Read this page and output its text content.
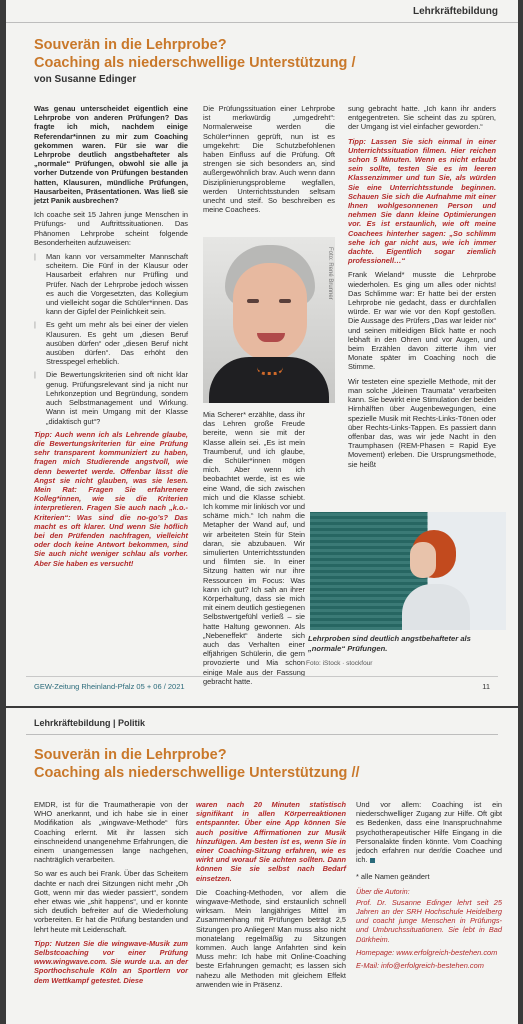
Lehrkräftebildung
Souverän in die Lehrprobe?
Coaching als niederschwellige Unterstützung /
von Susanne Edinger

Was genau unterscheidet eigentlich eine Lehrprobe von anderen Prüfungen? Das fragte ich mich, nachdem einige Referendar*innen zu mir zum Coaching gekommen waren. Für sie war die Lehrprobe deutlich angstbehafteter als „normale“ Prüfungen, obwohl sie alle ja vorher Dutzende von Prüfungen bestanden hatten, Klausuren, mündliche Prüfungen, Hausarbeiten, Präsentationen. Was ließ sie jetzt Panik ausbrechen?

Ich coache seit 15 Jahren junge Menschen in Prüfungs- und Auftrittssituationen. Das Phänomen Lehrprobe scheint folgende Besonderheiten aufzuweisen:

| Man kann vor versammelter Mannschaft scheitern. Die Fünf in der Klausur oder Hausarbeit erfahren nur Prüfling und Prüfer. Nach der Lehrprobe jedoch wissen es auch die Vorgesetzten, das Kollegium und vielleicht sogar die Schüler*innen. Das kann der Gipfel der Peinlichkeit sein.
| Es geht um mehr als bei einer der vielen Klausuren. Es geht um „diesen Beruf ausüben dürfen“ oder „diesen Beruf nicht ausüben dürfen“. Das erhöht den Stresspegel erheblich.
| Die Bewertungskriterien sind oft nicht klar genug. Prüfungsrelevant sind ja nicht nur Lehrkonzeption und Begründung, sondern auch Selbstmanagement und Wirkung. Wann ist mein Umgang mit der Klasse „didaktisch gut“?

Tipp: Auch wenn ich als Lehrende glaube, die Bewertungskriterien für eine Prüfung sehr transparent kommuniziert zu haben, fragen mich Studierende angstvoll, wie denn bewertet werde. Offenbar lässt die Angst sie nicht glauben, was sie lesen. Mein Rat: Fragen Sie erfahrenere Kolleg*innen, wie sie die Kriterien interpretieren. Fragen Sie auch nach „k.o.-Kriterien“: Was sind die no-go’s? Das macht es oft klarer. Und wenn Sie höflich bei den Prüfenden nachfragen, vielleicht oder doch keine Antwort bekommen, sind Sie auch nicht weniger schlau als vorher. Aber Sie haben es versucht!

Die Prüfungssituation einer Lehrprobe ist merkwürdig „umgedreht“: Normalerweise werden die Schüler*innen geprüft, nun ist es umgekehrt: Die Schutzbefohlenen haben Einfluss auf die Prüfung. Oft strengen sie sich besonders an, sind außergewöhnlich brav. Auch wenn dann Disziplinierungsprobleme wegfallen, werden Unterrichtsstunden seltsam unecht und steif. So beschreiben es meine Coachees.

Foto: René Brunner

Mia Scherer* erzählte, dass ihr das Lehren große Freude bereite, wenn sie mit der Klasse allein sei. „Es ist mein Traumberuf, und ich glaube, die Schüler*innen mögen mich. Aber wenn ich beobachtet werde, ist es wie eine Wand, die sich zwischen mich und die Klasse schiebt. Ich komme mir linkisch vor und schäme mich.“ Ich nahm die Metapher der Wand auf, und wir arbeiteten Stein für Stein daran, sie abzubauen. Wir simulierten Unterrichtsstunden und filmten sie. In einer Sitzung hatten wir nur ihre Ressourcen im Focus: Was kann ich gut? Ich sah an ihrer Körperhaltung, dass sie mich mit einem deutlich gestiegenen Selbstwertgefühl verließ – sie hatte Haltung gewonnen. Als „Nebeneffekt“ änderte sich auch das Verhalten einer elfjährigen Schülerin, die gern provozierte und Mia schon einige Male aus der Fassung gebracht hatte.

sung gebracht hatte. „Ich kann ihr anders entgegentreten. Sie scheint das zu spüren, der Umgang ist viel einfacher geworden.“

Tipp: Lassen Sie sich einmal in einer Unterrichtssituation filmen. Hier reichen schon 5 Minuten. Wenn es nicht erlaubt sein sollte, testen Sie es im leeren Klassenzimmer und tun Sie, als würden Sie eine Unterrichtsstunde beginnen. Schauen Sie sich die Aufnahme mit einer Ihnen wohlgesonnenen Person und nehmen Sie dann kleine Optimierungen vor. Es ist erstaunlich, wie oft meine Coachees hinterher sagen: „So schlimm sehe ich gar nicht aus, wie ich immer dachte. Eigentlich sogar ziemlich professionell…“

Frank Wieland* musste die Lehrprobe wiederholen. Es ging um alles oder nichts! Das Schlimme war: Er hatte bei der ersten Lehrprobe nie gedacht, dass er durchfallen würde. Er war wie vor den Kopf gestoßen. Die Aussage des Prüfers „Das war leider nix“ und seinen mitleidigen Blick hatte er noch lebhaft in den Ohren und vor Augen, und beim Erzählen davon zitterte ihm vier Monate später im Coaching noch die Stimme.

Wir testeten eine spezielle Methode, mit der man solche „kleinen Traumata“ verarbeiten kann. Sie bewirkt eine Stimulation der beiden Hirnhälften über Augenbewegungen, eine spezielle Musik mit Rechts-Links-Tönen oder über Rechts-Links-Tappen. Es passiert dann offenbar das, was wir jede Nacht in den Traumphasen (REM-Phasen = Rapid Eye Movement) erleben. Die Ursprungsmethode, sie heißt

Lehrproben sind deutlich angstbehafteter als „normale“ Prüfungen.
Foto: iStock · stockfour
GEW-Zeitung Rheinland-Pfalz 05 + 06 / 2021	11
Lehrkräftebildung | Politik
Souverän in die Lehrprobe?
Coaching als niederschwellige Unterstützung //

EMDR, ist für die Traumatherapie von der WHO anerkannt, und ich habe sie in einer Modifikation als „wingwave-Methode“ fürs Coaching erlernt. Mit ihr lassen sich einschneidend unangenehme Erfahrungen, die einem unangemessen lange nachgehen, nachträglich verarbeiten.

So war es auch bei Frank. Über das Scheitern dachte er nach drei Sitzungen nicht mehr „Oh Gott, wenn mir das wieder passiert“, sondern eher etwas wie „shit happens“, und er konnte sich deutlich befreiter auf die Wiederholung vorbereiten. Er hat die Prüfung bestanden und lehrt heute mit Leidenschaft.

Tipp: Nutzen Sie die wingwave-Musik zum Selbstcoaching vor einer Prüfung www.wingwave.com. Sie wurde u.a. an der Sporthochschule Köln an Sportlern vor dem Wettkampf getestet. Diese

waren nach 20 Minuten statistisch signifikant in allen Körperreaktionen entspannter. Über eine App können Sie auch positive Affirmationen zur Musik hinzufügen. Am besten ist es, wenn Sie in einer Coaching-Sitzung erfahren, wie es wirkt und worauf Sie achten sollten. Dann können Sie sie selbst nach Bedarf einsetzen.

Die Coaching-Methoden, vor allem die wingwave-Methode, sind erstaunlich schnell wirksam. Mein langjähriges Mittel im Zusammenhang mit Prüfungen beträgt 2,5 Sitzungen pro Anliegen! Man muss also nicht monatelang regelmäßig zu Sitzungen kommen. Auch lange Anfahrten sind kein Muss mehr: Ich habe mit Online-Coaching beste Erfahrungen gemacht; es lassen sich nahezu alle Methoden mit gleichem Effekt anwenden wie in Präsenz.

Und vor allem: Coaching ist ein niederschwelliger Zugang zur Hilfe. Oft gibt es Bedenken, dass eine Inanspruchnahme psychotherapeutischer Hilfe Eingang in die Personalakte finden könnte. Vom Coaching jedoch erfahren nur der/die Coachee und ich.

* alle Namen geändert

Über die Autorin:

Prof. Dr. Susanne Edinger lehrt seit 25 Jahren an der SRH Hochschule Heidelberg und coacht junge Menschen in Prüfungs- und Umbruchssituationen. Sie lebt in Bad Dürkheim.

Homepage: www.erfolgreich-bestehen.com

E-Mail: info@erfolgreich-bestehen.com
